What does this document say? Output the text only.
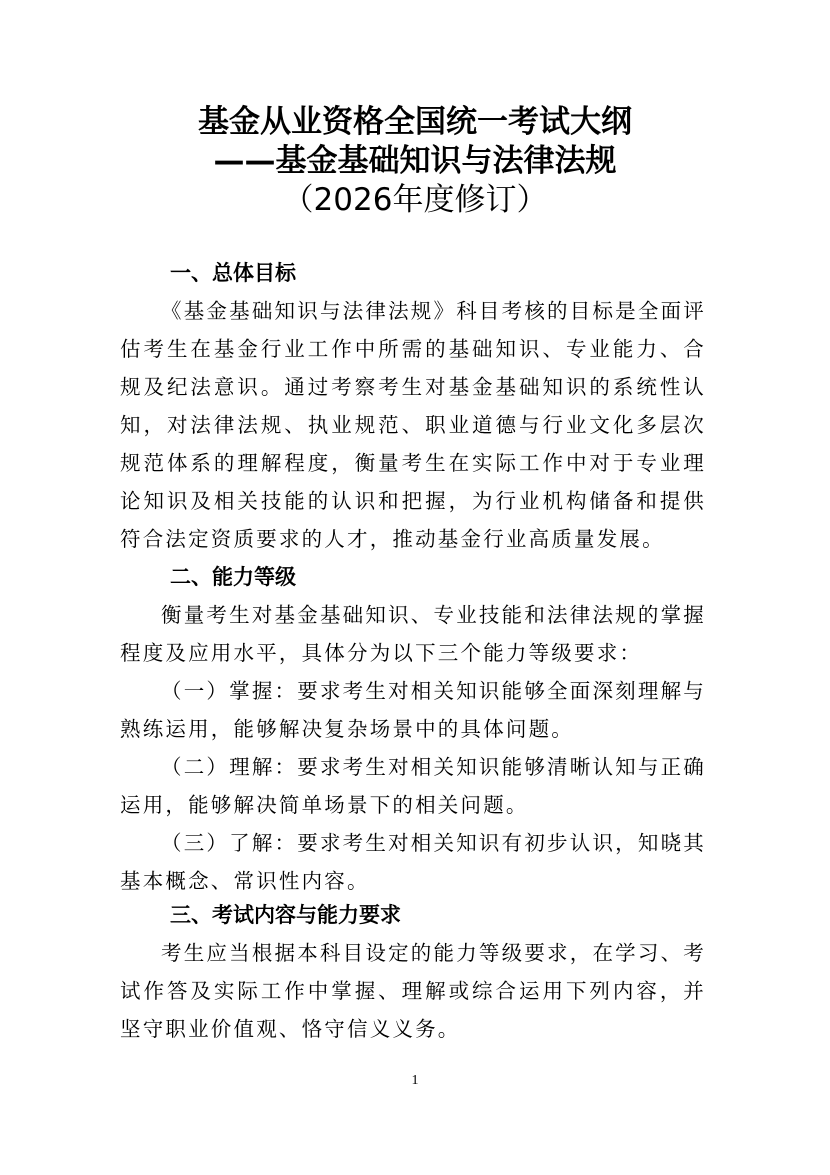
基金从业资格全国统一考试大纲
——基金基础知识与法律法规
（2026年度修订）
一、总体目标

《基金基础知识与法律法规》科目考核的目标是全面评估考生在基金行业工作中所需的基础知识、专业能力、合规及纪法意识。通过考察考生对基金基础知识的系统性认知，对法律法规、执业规范、职业道德与行业文化多层次规范体系的理解程度，衡量考生在实际工作中对于专业理论知识及相关技能的认识和把握，为行业机构储备和提供符合法定资质要求的人才，推动基金行业高质量发展。

二、能力等级

衡量考生对基金基础知识、专业技能和法律法规的掌握程度及应用水平，具体分为以下三个能力等级要求：

（一）掌握：要求考生对相关知识能够全面深刻理解与熟练运用，能够解决复杂场景中的具体问题。

（二）理解：要求考生对相关知识能够清晰认知与正确运用，能够解决简单场景下的相关问题。

（三）了解：要求考生对相关知识有初步认识，知晓其基本概念、常识性内容。

三、考试内容与能力要求

考生应当根据本科目设定的能力等级要求，在学习、考试作答及实际工作中掌握、理解或综合运用下列内容，并坚守职业价值观、恪守信义义务。

1
